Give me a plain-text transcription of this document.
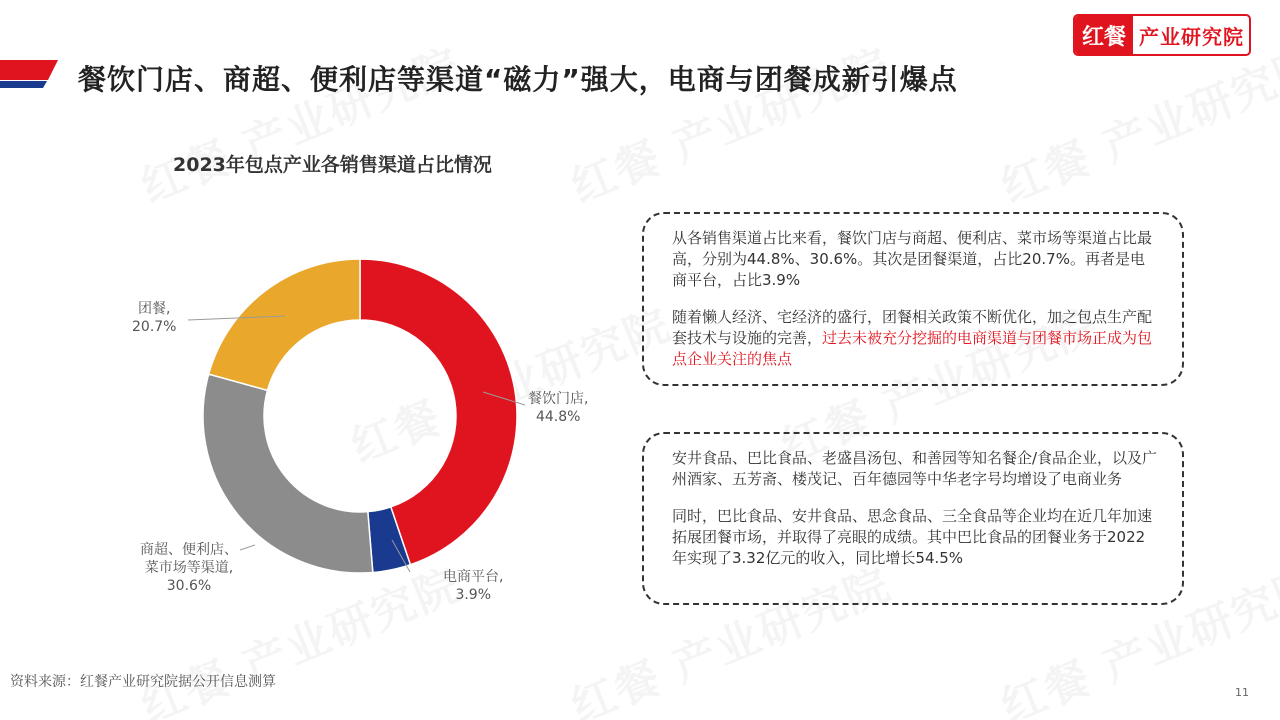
餐饮门店、商超、便利店等渠道“磁力”强大，电商与团餐成新引爆点
红餐 产业研究院
2023年包点产业各销售渠道占比情况
餐饮门店,
44.8%
电商平台,
3.9%
商超、便利店、
菜市场等渠道,
30.6%
团餐,
20.7%

从各销售渠道占比来看，餐饮门店与商超、便利店、菜市场等渠道占比最高，分别为44.8%、30.6%。其次是团餐渠道，占比20.7%。再者是电商平台，占比3.9%

随着懒人经济、宅经济的盛行，团餐相关政策不断优化，加之包点生产配套技术与设施的完善，过去未被充分挖掘的电商渠道与团餐市场正成为包点企业关注的焦点

安井食品、巴比食品、老盛昌汤包、和善园等知名餐企/食品企业，以及广州酒家、五芳斋、楼茂记、百年德园等中华老字号均增设了电商业务

同时，巴比食品、安井食品、思念食品、三全食品等企业均在近几年加速拓展团餐市场，并取得了亮眼的成绩。其中巴比食品的团餐业务于2022年实现了3.32亿元的收入，同比增长54.5%

资料来源：红餐产业研究院据公开信息测算
11
